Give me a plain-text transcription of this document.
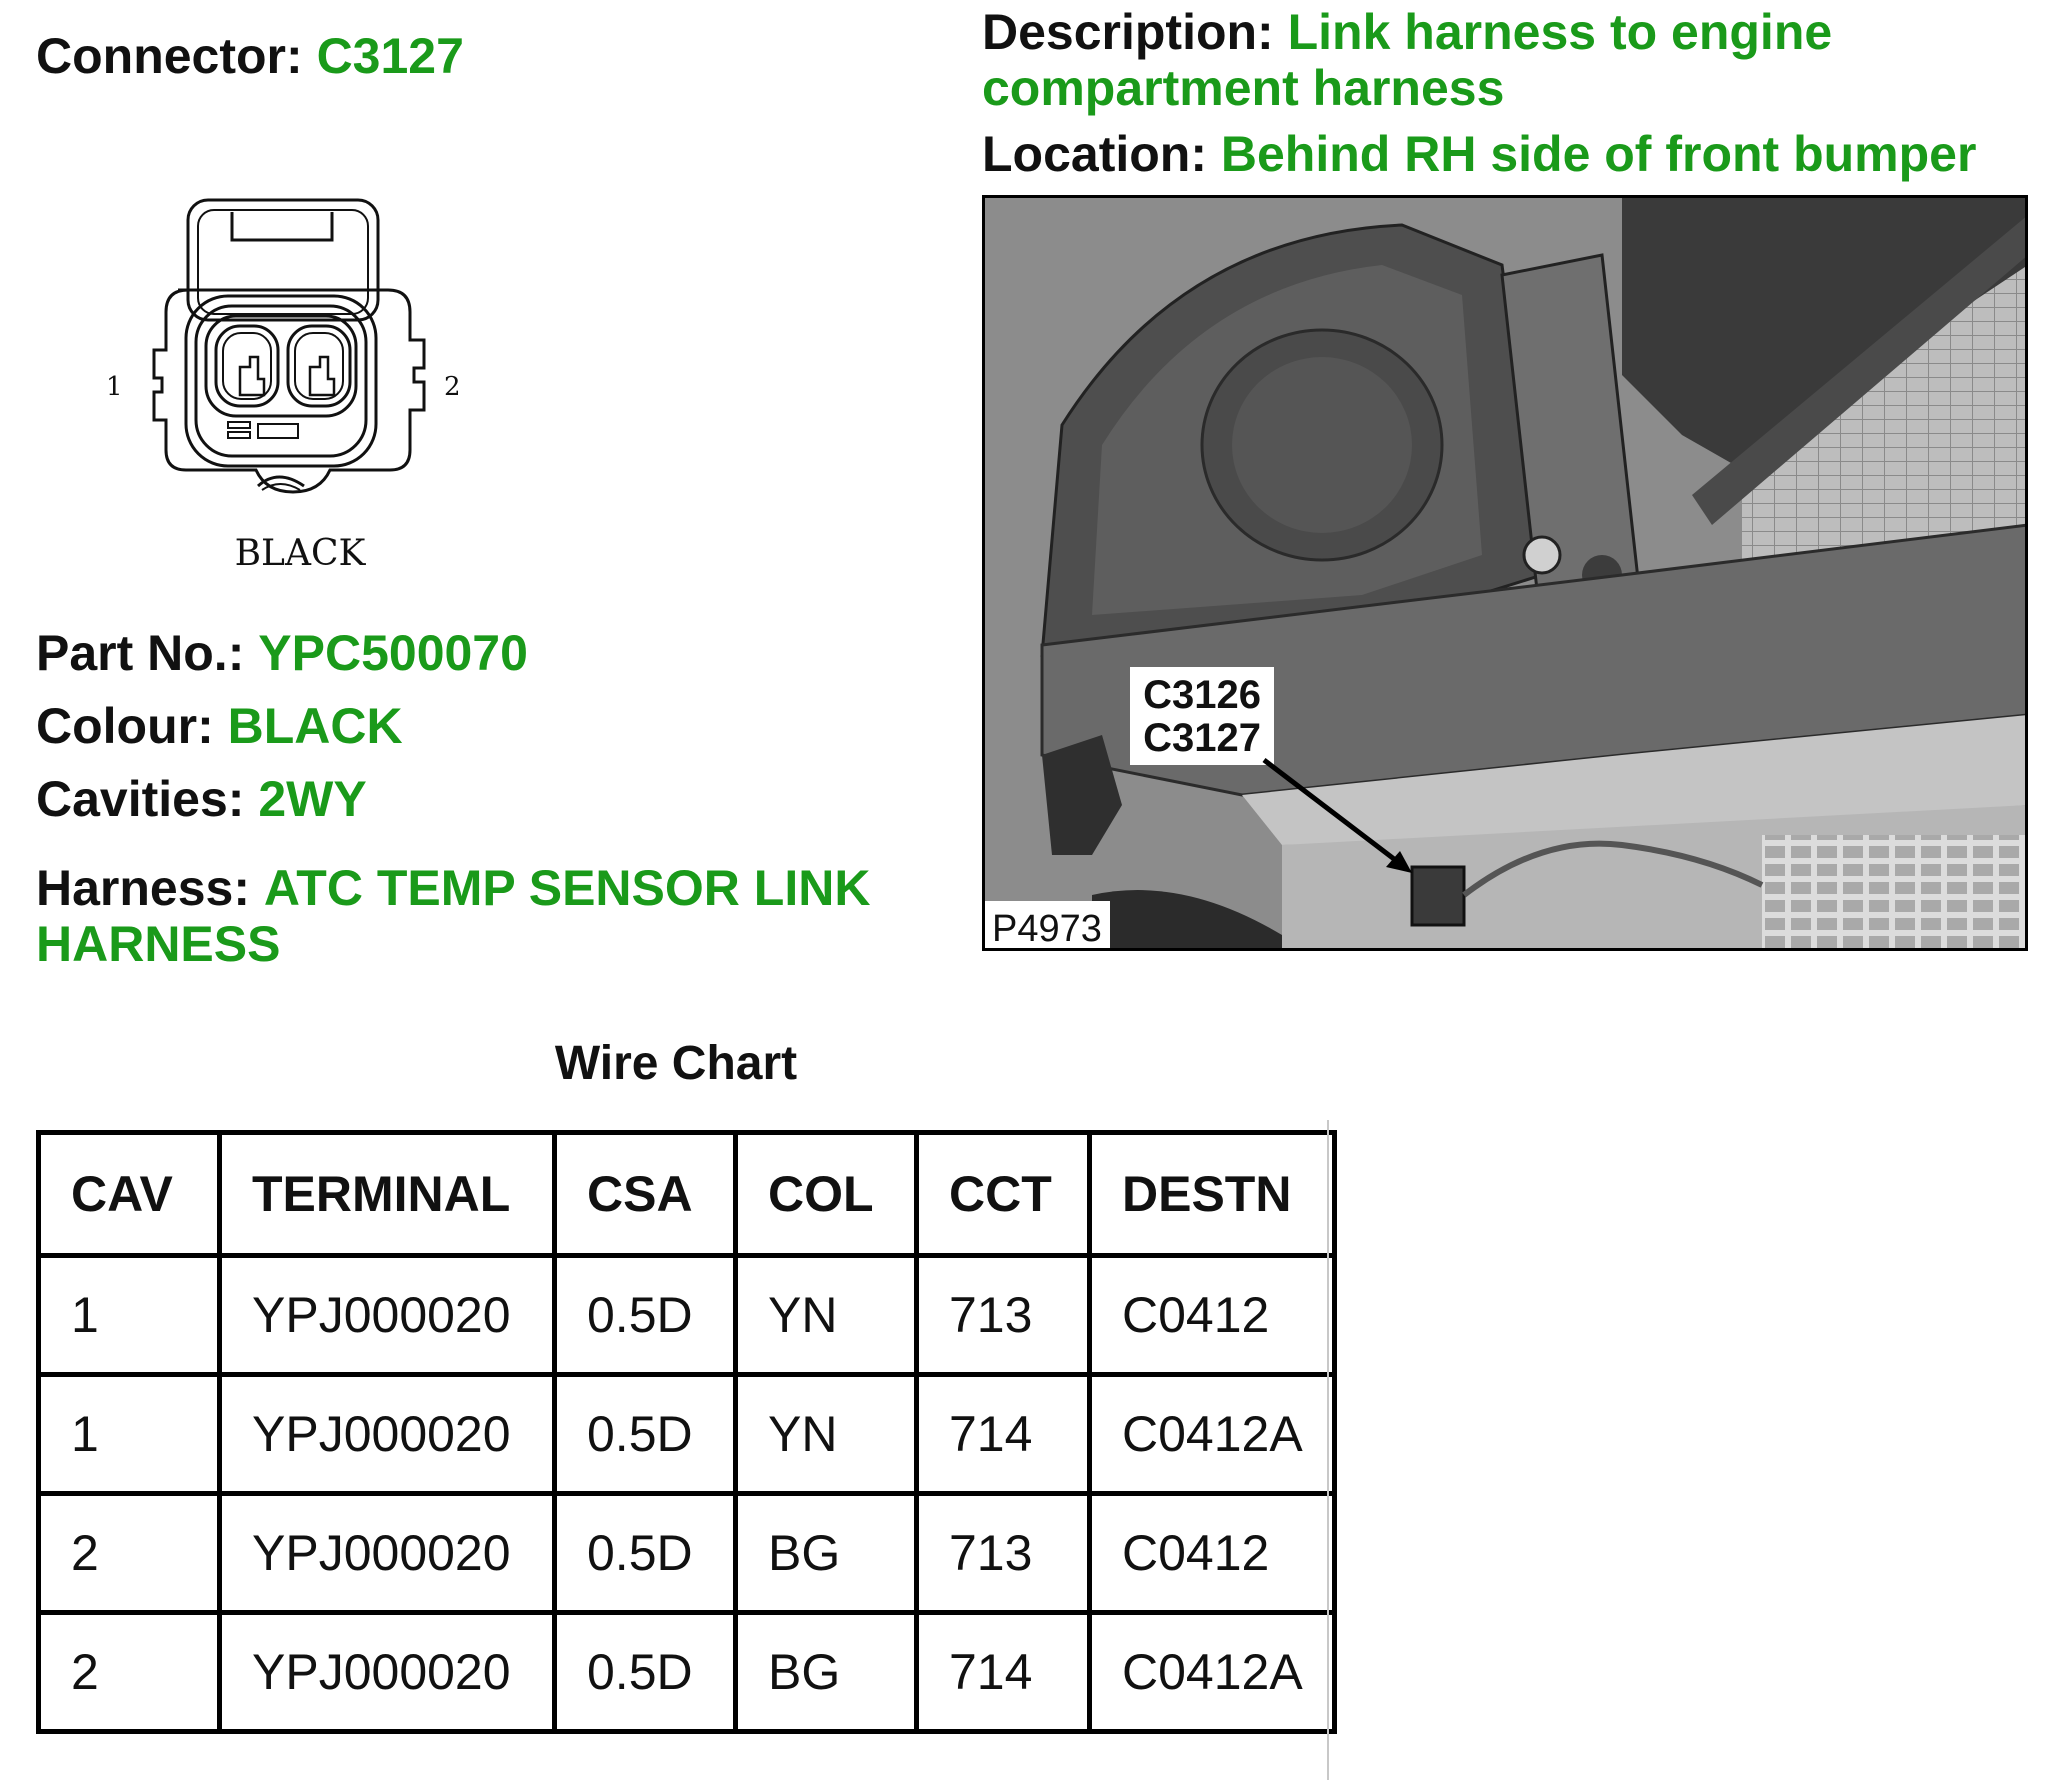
Connector: C3127
1	2
BLACK
Part No.: YPC500070
Colour: BLACK
Cavities: 2WY
Harness: ATC TEMP SENSOR LINK HARNESS
Description: Link harness to engine compartment harness
Location: Behind RH side of front bumper
C3126
C3127
P4973
Wire Chart
CAV	TERMINAL	CSA	COL	CCT	DESTN
1	YPJ000020	0.5D	YN	713	C0412
1	YPJ000020	0.5D	YN	714	C0412A
2	YPJ000020	0.5D	BG	713	C0412
2	YPJ000020	0.5D	BG	714	C0412A
